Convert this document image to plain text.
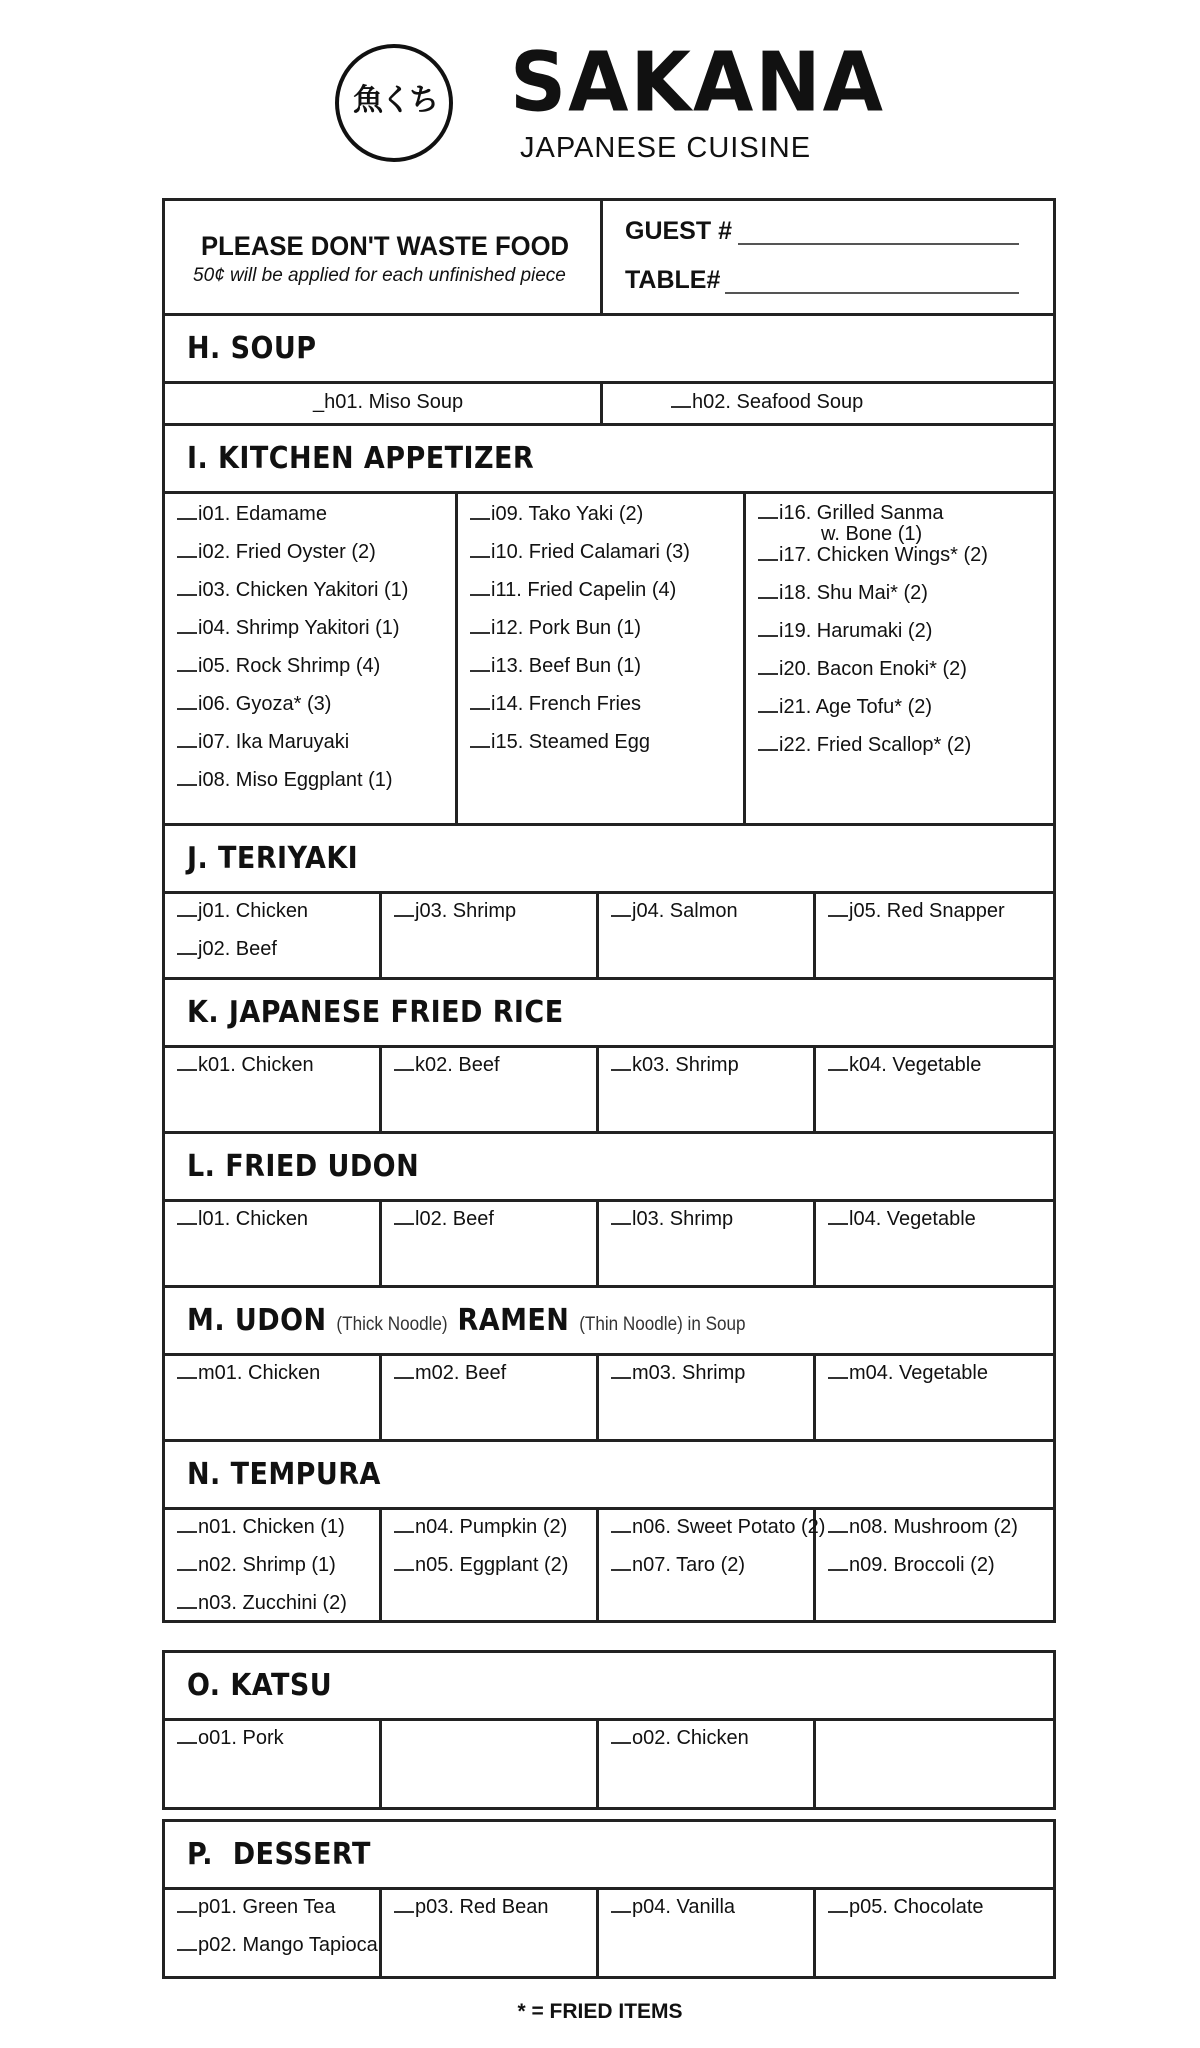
魚くち SAKANA
JAPANESE CUISINE
PLEASE DON'T WASTE FOOD
50¢ will be applied for each unfinished piece
GUEST #
TABLE#
H. SOUP
_h01. Miso Soup	h02. Seafood Soup
I. KITCHEN APPETIZER
i01. Edamame
i02. Fried Oyster (2)
i03. Chicken Yakitori (1)
i04. Shrimp Yakitori (1)
i05. Rock Shrimp (4)
i06. Gyoza* (3)
i07. Ika Maruyaki
i08. Miso Eggplant (1)
i09. Tako Yaki (2)
i10. Fried Calamari (3)
i11. Fried Capelin (4)
i12. Pork Bun (1)
i13. Beef Bun (1)
i14. French Fries
i15. Steamed Egg
i16. Grilled Sanma
w. Bone (1)
i17. Chicken Wings* (2)
i18. Shu Mai* (2)
i19. Harumaki (2)
i20. Bacon Enoki* (2)
i21. Age Tofu* (2)
i22. Fried Scallop* (2)
J. TERIYAKI
j01. Chicken
j02. Beef
j03. Shrimp	j04. Salmon	j05. Red Snapper
K. JAPANESE FRIED RICE
k01. Chicken	k02. Beef	k03. Shrimp	k04. Vegetable
L. FRIED UDON
l01. Chicken	l02. Beef	l03. Shrimp	l04. Vegetable
M. UDON (Thick Noodle) RAMEN (Thin Noodle) in Soup
m01. Chicken	m02. Beef	m03. Shrimp	m04. Vegetable
N. TEMPURA
n01. Chicken (1)
n02. Shrimp (1)
n03. Zucchini (2)
n04. Pumpkin (2)
n05. Eggplant (2)
n06. Sweet Potato (2)
n07. Taro (2)
n08. Mushroom (2)
n09. Broccoli (2)
O. KATSU
o01. Pork	o02. Chicken
P.  DESSERT
p01. Green Tea
p02. Mango Tapioca
p03. Red Bean	p04. Vanilla	p05. Chocolate
* = FRIED ITEMS
